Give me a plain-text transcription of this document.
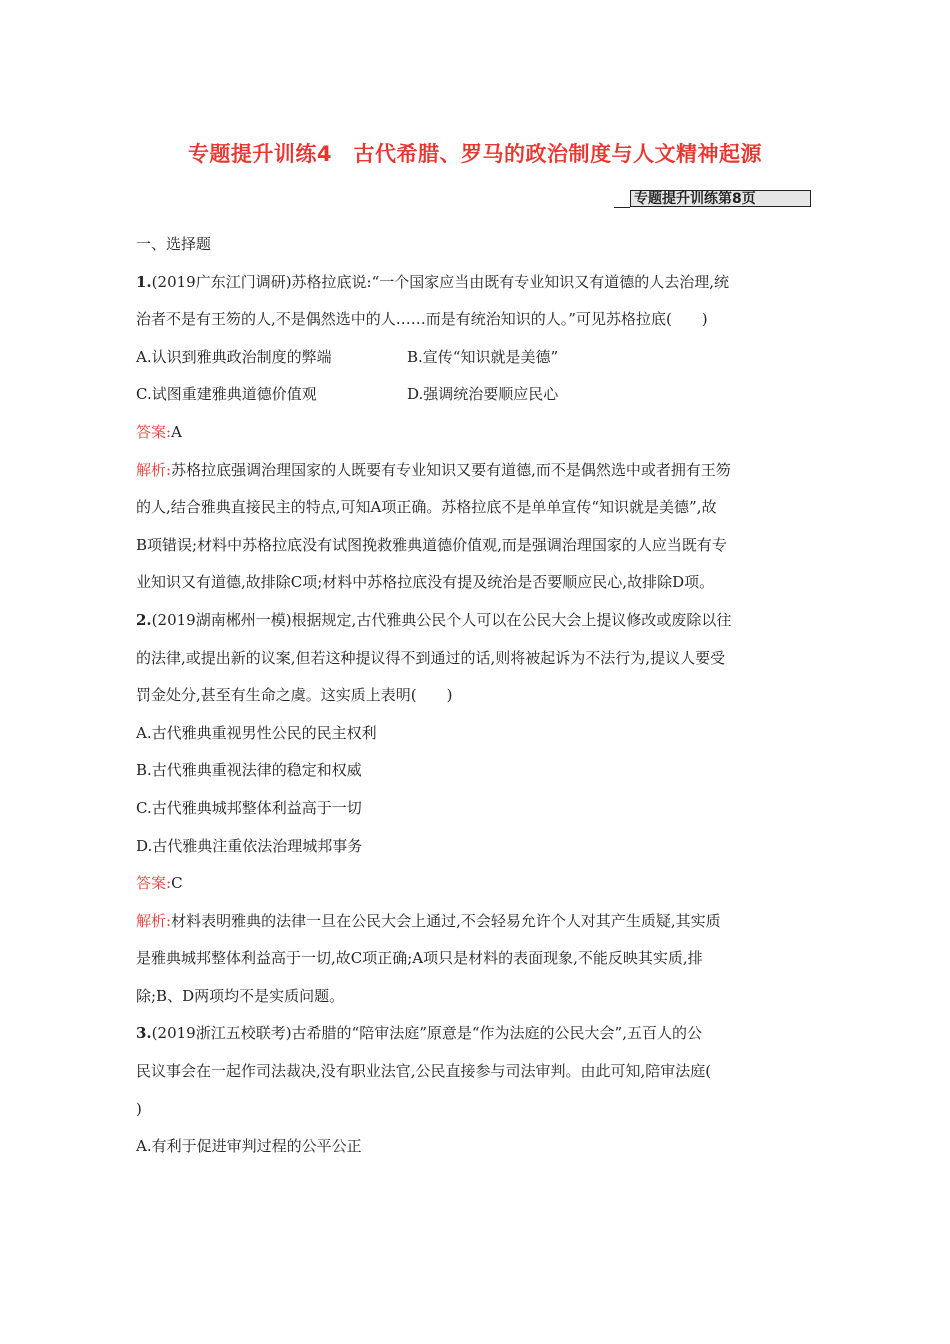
专题提升训练4　古代希腊、罗马的政治制度与人文精神起源
专题提升训练第8页
一、选择题
1.(2019广东江门调研)苏格拉底说:“一个国家应当由既有专业知识又有道德的人去治理,统
治者不是有王笏的人,不是偶然选中的人……而是有统治知识的人。”可见苏格拉底(　　)
A.认识到雅典政治制度的弊端	B.宣传“知识就是美德”
C.试图重建雅典道德价值观	D.强调统治要顺应民心
答案:A
解析:苏格拉底强调治理国家的人既要有专业知识又要有道德,而不是偶然选中或者拥有王笏
的人,结合雅典直接民主的特点,可知A项正确。苏格拉底不是单单宣传“知识就是美德”,故
B项错误;材料中苏格拉底没有试图挽救雅典道德价值观,而是强调治理国家的人应当既有专
业知识又有道德,故排除C项;材料中苏格拉底没有提及统治是否要顺应民心,故排除D项。
2.(2019湖南郴州一模)根据规定,古代雅典公民个人可以在公民大会上提议修改或废除以往
的法律,或提出新的议案,但若这种提议得不到通过的话,则将被起诉为不法行为,提议人要受
罚金处分,甚至有生命之虞。这实质上表明(　　)
A.古代雅典重视男性公民的民主权利
B.古代雅典重视法律的稳定和权威
C.古代雅典城邦整体利益高于一切
D.古代雅典注重依法治理城邦事务
答案:C
解析:材料表明雅典的法律一旦在公民大会上通过,不会轻易允许个人对其产生质疑,其实质
是雅典城邦整体利益高于一切,故C项正确;A项只是材料的表面现象,不能反映其实质,排
除;B、D两项均不是实质问题。
3.(2019浙江五校联考)古希腊的“陪审法庭”原意是“作为法庭的公民大会”,五百人的公
民议事会在一起作司法裁决,没有职业法官,公民直接参与司法审判。由此可知,陪审法庭(
)
A.有利于促进审判过程的公平公正
